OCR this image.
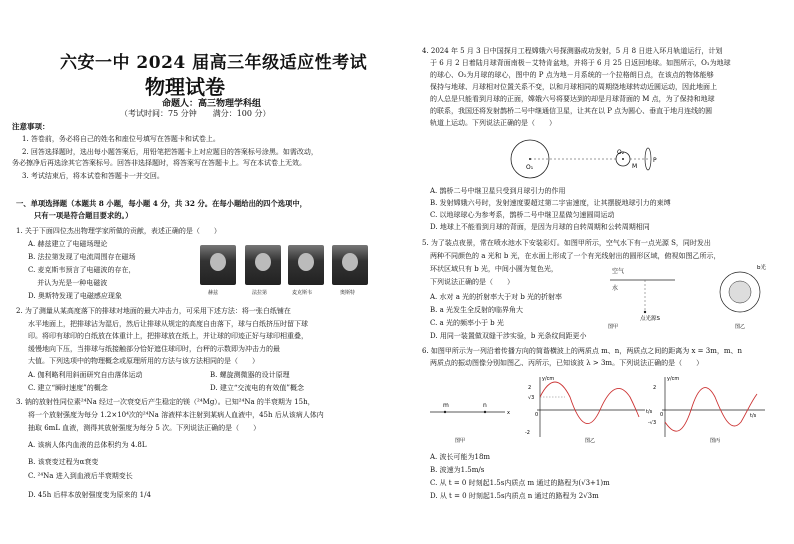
六安一中 2024 届高三年级适应性考试
物理试卷
命题人：高三物理学科组
（考试时间：75 分钟　　满分：100 分）
注意事项：
1. 答卷前，务必将自己的姓名和座位号填写在答题卡和试卷上。
2. 回答选择题时，选出每小题答案后，用铅笔把答题卡上对应题目的答案标号涂黑。如需改动，
务必擦净后再选涂其它答案标号。回答非选择题时，将答案写在答题卡上。写在本试卷上无效。
3. 考试结束后，将本试卷和答题卡一并交回。
一、单项选择题（本题共 8 小题，每小题 4 分，共 32 分。在每小题给出的四个选项中，
只有一项是符合题目要求的。）
1. 关于下面四位杰出物理学家所做的贡献，表述正确的是（　　）
A. 赫兹建立了电磁场理论
B. 法拉第发现了电流周围存在磁场
C. 麦克斯韦预言了电磁波的存在，
　 并认为光是一种电磁波
D. 奥斯特发现了电磁感应现象	赫兹	法拉第	麦克斯韦	奥斯特
2. 为了测量从某高度落下的排球对地面的最大冲击力，可采用下述方法：将一张白纸铺在
水平地面上，把排球沾为湿后，然后让排球从规定的高度自由落下，球与白纸挤压时留下球
印。将印有球印的白纸放在体重计上，把排球放在纸上，并让球的印迹正好与球印相重叠，
缓慢地向下压，当排球与纸接触部分恰好遮住球印时，台秤的示数即为冲击力的最
大值。下列选项中的物理概念或原理所用的方法与该方法相同的是（　　）
A. 伽利略利用斜面研究自由落体运动	B. 螺旋测微器的设计原理
C. 建立“瞬时速度”的概念	D. 建立“交流电的有效值”概念
3. 钠的放射性同位素²⁴Na 经过一次衰变后产生稳定的镁（²⁴Mg）。已知²⁴Na 的半衰期为 15h，
将一个放射强度为每分 1.2×10⁴次的²⁴Na 溶液样本注射到某病人血液中，45h 后从该病人体内
抽取 6mL 血液，测得其放射强度为每分 5 次。下列说法正确的是（　　）
A. 该病人体内血液的总体积约为 4.8L
B. 该衰变过程为α衰变
C. ²⁴Na 进入到血液后半衰期变长
D. 45h 后样本放射强度变为原来的 1/4
4. 2024 年 5 月 3 日中国探月工程嫦娥六号探测器成功发射，5 月 8 日进入环月轨道运行，计划
于 6 月 2 日着陆月球背面南极－艾特肯盆地，并将于 6 月 25 日返回地球。如图所示，O₁为地球
的球心、O₂为月球的球心，图中的 P 点为地－月系统的一个拉格朗日点，在该点的物体能够
保持与地球、月球相对位置关系不变，以和月球相同的周期绕地球转动近圆运动，因此地面上
的人总是只能看到月球的正面，嫦娥六号将要达到的却是月球背面的 M 点，为了保持和地球
的联系，我国还将发射鹊桥二号中继通信卫星，让其在以 P 点为圆心、垂直于地月连线的圆
轨道上运动。下列说法正确的是（　　）
O₁
O₂
M
P
A. 鹊桥二号中继卫星只受到月球引力的作用
B. 发射嫦娥六号时，发射速度要超过第二宇宙速度，让其摆脱地球引力的束缚
C. 以地球球心为参考系，鹊桥二号中继卫星做匀速圆周运动
D. 地球上不能看到月球的背面，是因为月球的自转周期和公转周期相同
5. 为了装点夜景，常在喷水池水下安装彩灯。如图甲所示，空气水下有一点光源 S，同时发出
两种不同颜色的 a 光和 b 光，在水面上形成了一个有光线射出的圆形区域，俯视如图乙所示，
环状区域只有 b 光，中间小圆为复色光，
下列说法正确的是（　　）
A. 水对 a 光的折射率大于对 b 光的折射率
B. a 光发生全反射的临界角大
C. a 光的频率小于 b 光
D. 用同一装置做双缝干涉实验，b 光条纹间距更小
空气
水
点光源S
图甲
b光
图乙
6. 如图甲所示为一列沿着传播方向的简谐横波上的两质点 m、n，两质点之间的距离为 x = 3m，m、n
两质点的振动图像分别如图乙、丙所示，已知该波 λ > 3m。下列说法正确的是（　　）
m	n
x
图甲
y/cm
2
√3
-2
0	t/s
图乙
y/cm
2
-√3
0	t/s
图丙
A. 波长可能为18m
B. 波速为1.5m/s
C. 从 t = 0 时刻起1.5s内质点 m 通过的路程为(√3+1)m
D. 从 t = 0 时刻起1.5s内质点 n 通过的路程为 2√3m
